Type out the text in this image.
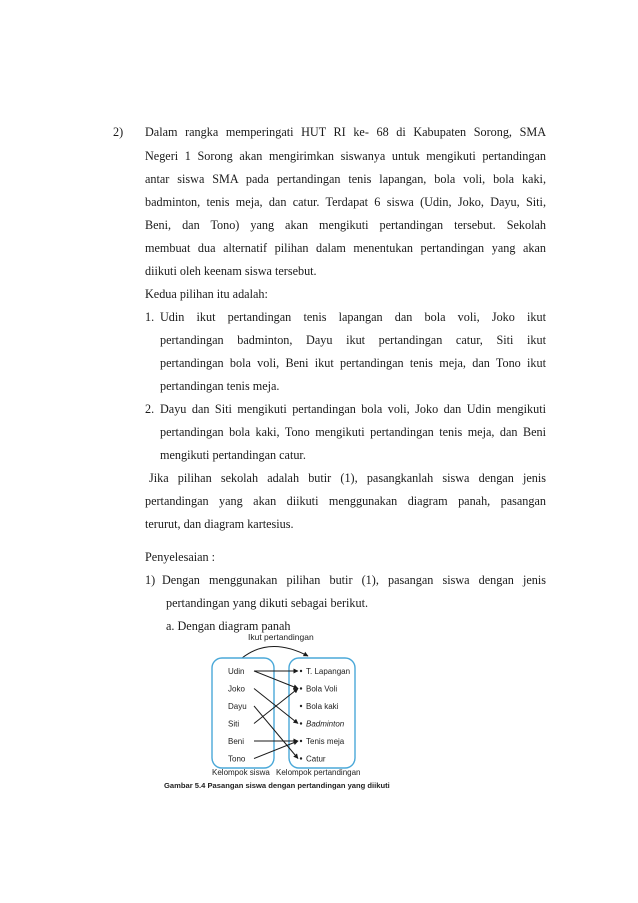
2) Dalam rangka memperingati HUT RI ke- 68 di Kabupaten Sorong, SMA
Negeri 1 Sorong akan mengirimkan siswanya untuk mengikuti pertandingan
antar siswa SMA pada pertandingan tenis lapangan, bola voli, bola kaki,
badminton, tenis meja, dan catur. Terdapat 6 siswa (Udin, Joko, Dayu, Siti,
Beni, dan Tono) yang akan mengikuti pertandingan tersebut. Sekolah
membuat dua alternatif pilihan dalam menentukan pertandingan yang akan
diikuti oleh keenam siswa tersebut.
Kedua pilihan itu adalah:
1. Udin ikut pertandingan tenis lapangan dan bola voli, Joko ikut
pertandingan badminton, Dayu ikut pertandingan catur, Siti ikut
pertandingan bola voli, Beni ikut pertandingan tenis meja, dan Tono ikut
pertandingan tenis meja.
2. Dayu dan Siti mengikuti pertandingan bola voli, Joko dan Udin mengikuti
pertandingan bola kaki, Tono mengikuti pertandingan tenis meja, dan Beni
mengikuti pertandingan catur.
Jika pilihan sekolah adalah butir (1), pasangkanlah siswa dengan jenis
pertandingan yang akan diikuti menggunakan diagram panah, pasangan
terurut, dan diagram kartesius.
Penyelesaian :
1) Dengan menggunakan pilihan butir (1), pasangan siswa dengan jenis
pertandingan yang dikuti sebagai berikut.
a. Dengan diagram panah
Ikut pertandingan
Udin
Joko
Dayu
Siti
Beni
Tono
T. Lapangan
Bola Voli
Bola kaki
Badminton
Tenis meja
Catur
Kelompok siswa Kelompok pertandingan
Gambar 5.4 Pasangan siswa dengan pertandingan yang diikuti
